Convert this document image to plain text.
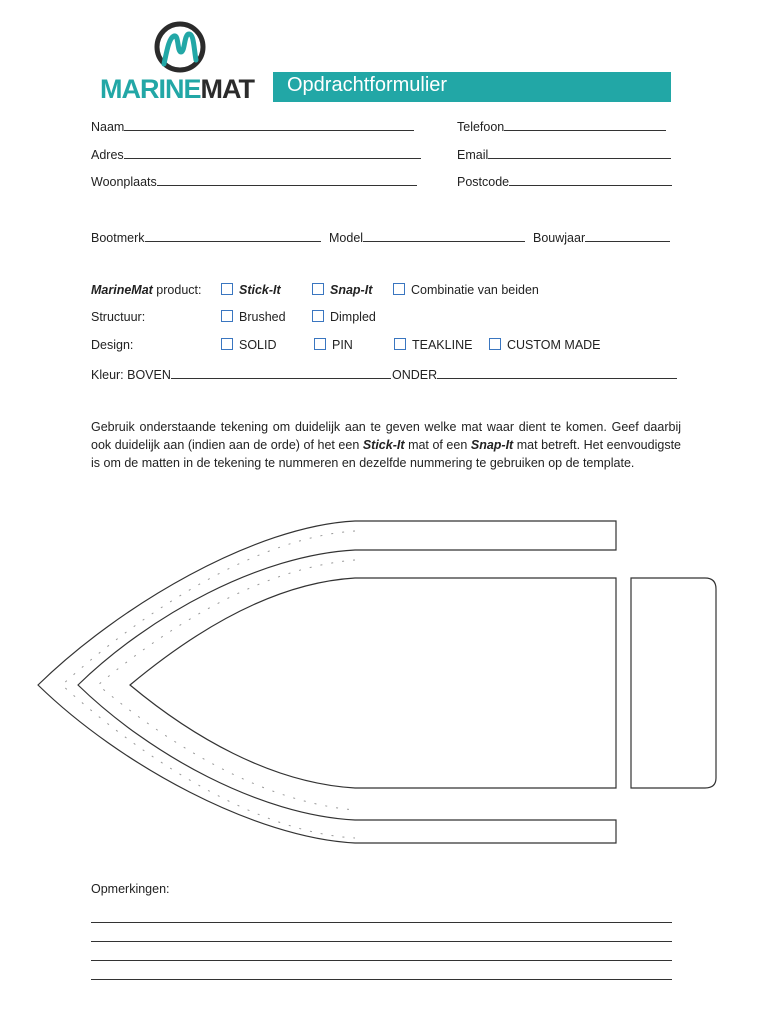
MARINEMAT Opdrachtformulier
Naam	Telefoon
Adres	Email
Woonplaats	Postcode
Bootmerk	Model	Bouwjaar
MarineMat product:	Stick-It	Snap-It	Combinatie van beiden
Structuur:	Brushed	Dimpled
Design:	SOLID	PIN	TEAKLINE	CUSTOM MADE
Kleur: BOVEN	ONDER
Gebruik onderstaande tekening om duidelijk aan te geven welke mat waar dient te komen. Geef daarbij ook duidelijk aan (indien aan de orde) of het een Stick-It mat of een Snap-It mat betreft. Het eenvoudigste is om de matten in de tekening te nummeren en dezelfde nummering te gebruiken op de template.
Opmerkingen:
